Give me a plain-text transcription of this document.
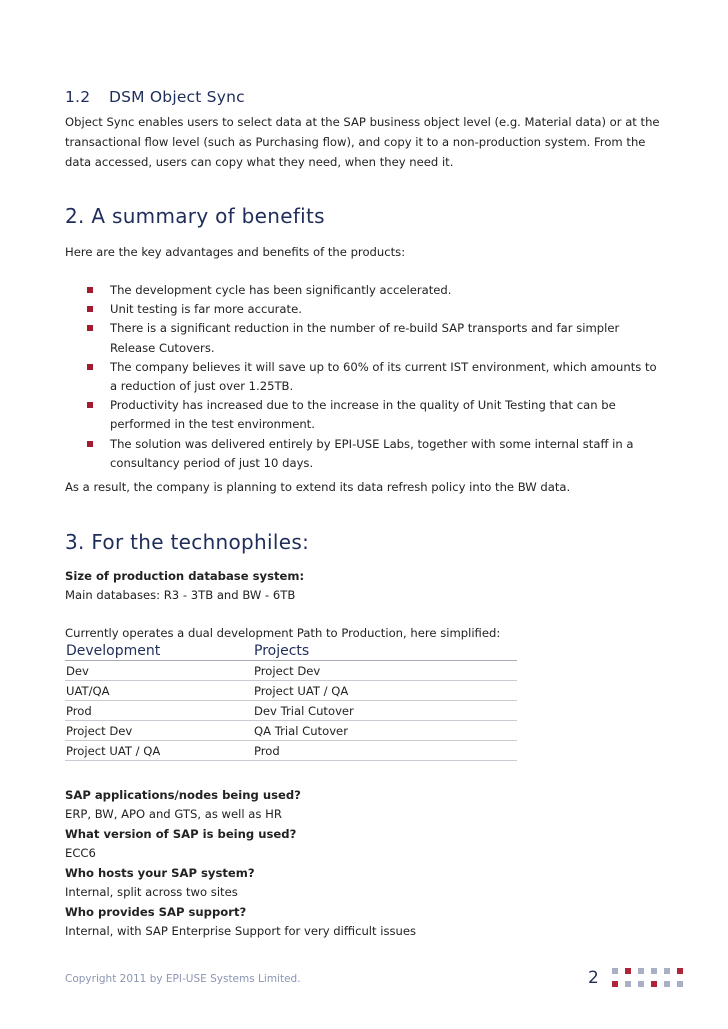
1.2 DSM Object Sync
Object Sync enables users to select data at the SAP business object level (e.g. Material data) or at the transactional flow level (such as Purchasing flow), and copy it to a non-production system. From the data accessed, users can copy what they need, when they need it.
2. A summary of benefits
Here are the key advantages and benefits of the products:
The development cycle has been significantly accelerated.
Unit testing is far more accurate.
There is a significant reduction in the number of re-build SAP transports and far simpler Release Cutovers.
The company believes it will save up to 60% of its current IST environment, which amounts to a reduction of just over 1.25TB.
Productivity has increased due to the increase in the quality of Unit Testing that can be performed in the test environment.
The solution was delivered entirely by EPI-USE Labs, together with some internal staff in a consultancy period of just 10 days.
As a result, the company is planning to extend its data refresh policy into the BW data.
3. For the technophiles:
Size of production database system:
Main databases: R3 - 3TB and BW - 6TB
Currently operates a dual development Path to Production, here simplified:
Development	Projects
Dev	Project Dev
UAT/QA	Project UAT / QA
Prod	Dev Trial Cutover
Project Dev	QA Trial Cutover
Project UAT / QA	Prod
SAP applications/nodes being used?
ERP, BW, APO and GTS, as well as HR
What version of SAP is being used?
ECC6
Who hosts your SAP system?
Internal, split across two sites
Who provides SAP support?
Internal, with SAP Enterprise Support for very difficult issues
Copyright 2011 by EPI-USE Systems Limited.	2
